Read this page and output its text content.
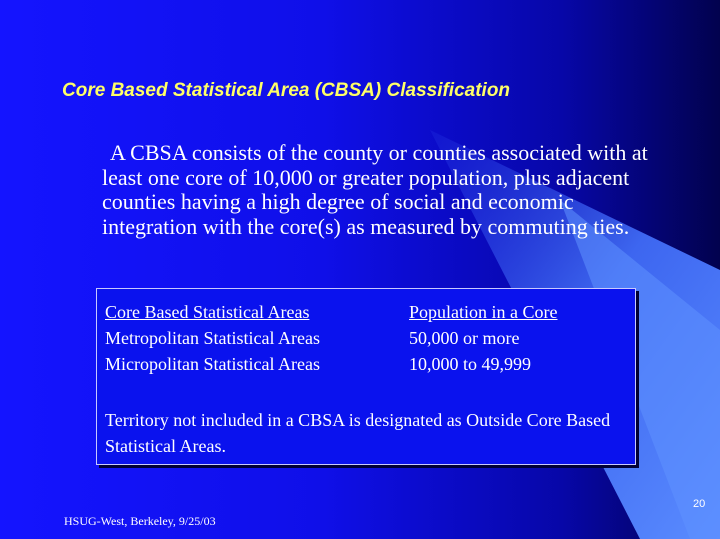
Core Based Statistical Area (CBSA) Classification
A CBSA consists of the county or counties associated with at least one core of 10,000 or greater population, plus adjacent counties having a high degree of social and economic integration with the core(s) as measured by commuting ties.
Core Based Statistical Areas	Population in a Core
Metropolitan Statistical Areas	50,000 or more
Micropolitan Statistical Areas	10,000 to 49,999
Territory not included in a CBSA is designated as Outside Core Based Statistical Areas.
HSUG-West, Berkeley, 9/25/03
20
